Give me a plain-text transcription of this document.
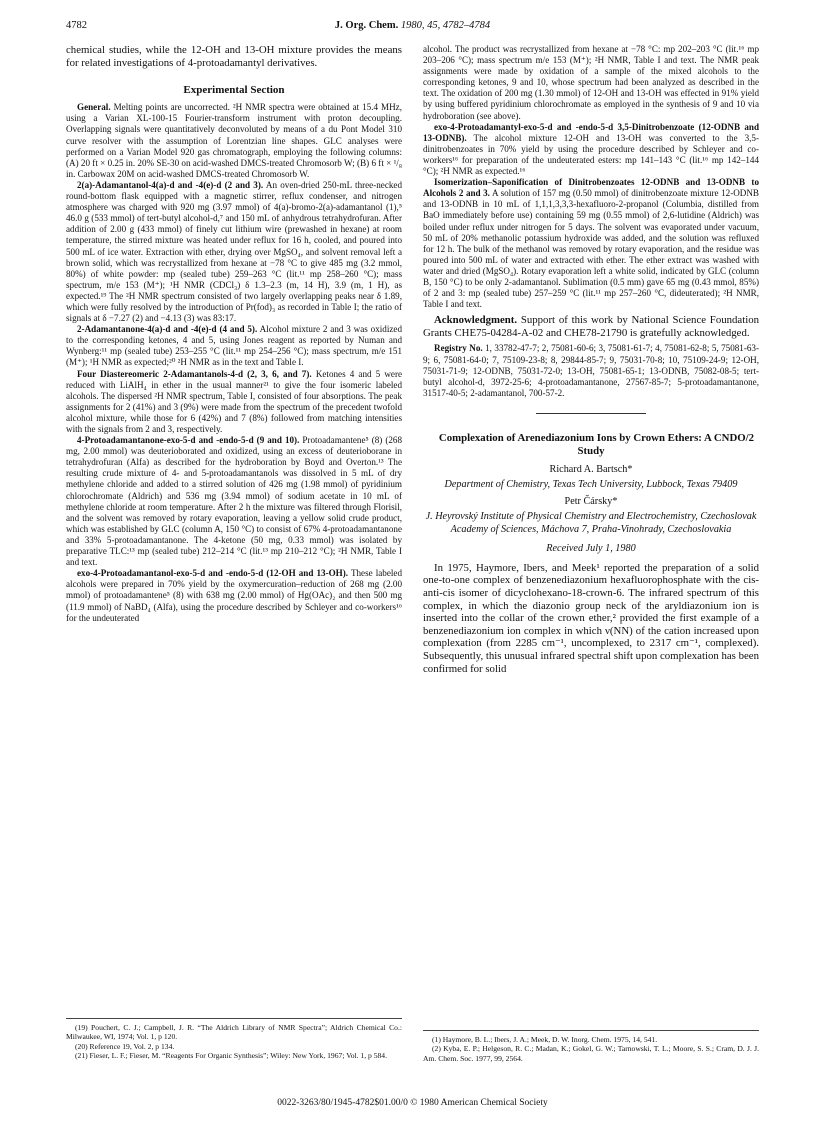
4782	J. Org. Chem. 1980, 45, 4782–4784

chemical studies, while the 12-OH and 13-OH mixture provides the means for related investigations of 4-protoadamantyl derivatives.

Experimental Section

General. Melting points are uncorrected. ²H NMR spectra were obtained at 15.4 MHz, using a Varian XL-100-15 Fourier-transform instrument with proton decoupling. Overlapping signals were quantitatively deconvoluted by means of a du Pont Model 310 curve resolver with the assumption of Lorentzian line shapes. GLC analyses were performed on a Varian Model 920 gas chromatograph, employing the following columns: (A) 20 ft × 0.25 in. 20% SE-30 on acid-washed DMCS-treated Chromosorb W; (B) 6 ft × ¹/₈ in. Carbowax 20M on acid-washed DMCS-treated Chromosorb W.

2(a)-Adamantanol-4(a)-d and -4(e)-d (2 and 3). An oven-dried 250-mL three-necked round-bottom flask equipped with a magnetic stirrer, reflux condenser, and nitrogen atmosphere was charged with 920 mg (3.97 mmol) of 4(a)-bromo-2(a)-adamantanol (1),⁵ 46.0 g (533 mmol) of tert-butyl alcohol-d,⁷ and 150 mL of anhydrous tetrahydrofuran. After addition of 2.00 g (433 mmol) of finely cut lithium wire (prewashed in hexane) at room temperature, the stirred mixture was heated under reflux for 16 h, cooled, and poured into 500 mL of ice water. Extraction with ether, drying over MgSO₄, and solvent removal left a brown solid, which was recrystallized from hexane at −78 °C to give 485 mg (3.2 mmol, 80%) of white powder: mp (sealed tube) 259–263 °C (lit.¹¹ mp 258–260 °C); mass spectrum, m/e 153 (M⁺); ¹H NMR (CDCl₃) δ 1.3–2.3 (m, 14 H), 3.9 (m, 1 H), as expected.¹⁹ The ²H NMR spectrum consisted of two largely overlapping peaks near δ 1.89, which were fully resolved by the introduction of Pr(fod)₃ as recorded in Table I; the ratio of signals at δ −7.27 (2) and −4.13 (3) was 83:17.

2-Adamantanone-4(a)-d and -4(e)-d (4 and 5). Alcohol mixture 2 and 3 was oxidized to the corresponding ketones, 4 and 5, using Jones reagent as reported by Numan and Wynberg:¹¹ mp (sealed tube) 253–255 °C (lit.¹¹ mp 254–256 °C); mass spectrum, m/e 151 (M⁺); ¹H NMR as expected;²⁰ ²H NMR as in the text and Table I.

Four Diastereomeric 2-Adamantanols-4-d (2, 3, 6, and 7). Ketones 4 and 5 were reduced with LiAlH₄ in ether in the usual manner²¹ to give the four isomeric labeled alcohols. The dispersed ²H NMR spectrum, Table I, consisted of four absorptions. The peak assignments for 2 (41%) and 3 (9%) were made from the spectrum of the precedent twofold alcohol mixture, while those for 6 (42%) and 7 (8%) followed from matching intensities with the signals from 2 and 3, respectively.

4-Protoadamantanone-exo-5-d and -endo-5-d (9 and 10). Protoadamantene⁵ (8) (268 mg, 2.00 mmol) was deuterioborated and oxidized, using an excess of deuterioborane in tetrahydrofuran (Alfa) as described for the hydroboration by Boyd and Overton.¹³ The resulting crude mixture of 4- and 5-protoadamantanols was dissolved in 5 mL of dry methylene chloride and added to a stirred solution of 426 mg (1.98 mmol) of pyridinium chlorochromate (Aldrich) and 536 mg (3.94 mmol) of sodium acetate in 10 mL of methylene chloride at room temperature. After 2 h the mixture was filtered through Florisil, and the solvent was removed by rotary evaporation, leaving a yellow solid crude product, which was established by GLC (column A, 150 °C) to consist of 67% 4-protoadamantanone and 33% 5-protoadamantanone. The 4-ketone (50 mg, 0.33 mmol) was isolated by preparative TLC:¹³ mp (sealed tube) 212–214 °C (lit.¹³ mp 210–212 °C); ²H NMR, Table I and text.

exo-4-Protoadamantanol-exo-5-d and -endo-5-d (12-OH and 13-OH). These labeled alcohols were prepared in 70% yield by the oxymercuration–reduction of 268 mg (2.00 mmol) of protoadamantene⁵ (8) with 638 mg (2.00 mmol) of Hg(OAc)₂ and then 500 mg (11.9 mmol) of NaBD₄ (Alfa), using the procedure described by Schleyer and co-workers¹⁶ for the undeuterated

(19) Pouchert, C. J.; Campbell, J. R. “The Aldrich Library of NMR Spectra”; Aldrich Chemical Co.: Milwaukee, WI, 1974; Vol. 1, p 120.

(20) Reference 19, Vol. 2, p 134.

(21) Fieser, L. F.; Fieser, M. “Reagents For Organic Synthesis”; Wiley: New York, 1967; Vol. 1, p 584.

alcohol. The product was recrystallized from hexane at −78 °C: mp 202–203 °C (lit.¹⁶ mp 203–206 °C); mass spectrum m/e 153 (M⁺); ²H NMR, Table I and text. The NMR peak assignments were made by oxidation of a sample of the mixed alcohols to the corresponding ketones, 9 and 10, whose spectrum had been analyzed as described in the text. The oxidation of 200 mg (1.30 mmol) of 12-OH and 13-OH was effected in 91% yield by using buffered pyridinium chlorochromate as employed in the synthesis of 9 and 10 via hydroboration (see above).

exo-4-Protoadamantyl-exo-5-d and -endo-5-d 3,5-Dinitrobenzoate (12-ODNB and 13-ODNB). The alcohol mixture 12-OH and 13-OH was converted to the 3,5-dinitrobenzoates in 70% yield by using the procedure described by Schleyer and co-workers¹⁶ for preparation of the undeuterated esters: mp 141–143 °C (lit.¹⁶ mp 142–144 °C); ²H NMR as expected.¹⁶

Isomerization–Saponification of Dinitrobenzoates 12-ODNB and 13-ODNB to Alcohols 2 and 3. A solution of 157 mg (0.50 mmol) of dinitrobenzoate mixture 12-ODNB and 13-ODNB in 10 mL of 1,1,1,3,3,3-hexafluoro-2-propanol (Columbia, distilled from BaO immediately before use) containing 59 mg (0.55 mmol) of 2,6-lutidine (Aldrich) was boiled under reflux under nitrogen for 5 days. The solvent was evaporated under vacuum, 50 mL of 20% methanolic potassium hydroxide was added, and the solution was refluxed for 12 h. The bulk of the methanol was removed by rotary evaporation, and the residue was poured into 500 mL of water and extracted with ether. The ether extract was washed with water and dried (MgSO₄). Rotary evaporation left a white solid, indicated by GLC (column B, 150 °C) to be only 2-adamantanol. Sublimation (0.5 mm) gave 65 mg (0.43 mmol, 85%) of 2 and 3: mp (sealed tube) 257–259 °C (lit.¹¹ mp 257–260 °C, dideuterated); ²H NMR, Table I and text.

Acknowledgment. Support of this work by National Science Foundation Grants CHE75-04284-A-02 and CHE78-21790 is gratefully acknowledged.

Registry No. 1, 33782-47-7; 2, 75081-60-6; 3, 75081-61-7; 4, 75081-62-8; 5, 75081-63-9; 6, 75081-64-0; 7, 75109-23-8; 8, 29844-85-7; 9, 75031-70-8; 10, 75109-24-9; 12-OH, 75031-71-9; 12-ODNB, 75031-72-0; 13-OH, 75081-65-1; 13-ODNB, 75082-08-5; tert-butyl alcohol-d, 3972-25-6; 4-protoadamantanone, 27567-85-7; 5-protoadamantanone, 31517-40-5; 2-adamantanol, 700-57-2.

Complexation of Arenediazonium Ions by Crown Ethers: A CNDO/2 Study

Richard A. Bartsch*
Department of Chemistry, Texas Tech University, Lubbock, Texas 79409
Petr Čársky*
J. Heyrovský Institute of Physical Chemistry and Electrochemistry, Czechoslovak Academy of Sciences, Máchova 7, Praha-Vinohrady, Czechoslovakia
Received July 1, 1980

In 1975, Haymore, Ibers, and Meek¹ reported the preparation of a solid one-to-one complex of benzenediazonium hexafluorophosphate with the cis-anti-cis isomer of dicyclohexano-18-crown-6. The infrared spectrum of this complex, in which the diazonio group neck of the aryldiazonium ion is inserted into the collar of the crown ether,² provided the first example of a benzenediazonium ion complex in which ν(NN) of the cation increased upon complexation (from 2285 cm⁻¹, uncomplexed, to 2317 cm⁻¹, complexed). Subsequently, this unusual infrared spectral shift upon complexation has been confirmed for solid

(1) Haymore, B. L.; Ibers, J. A.; Meek, D. W. Inorg. Chem. 1975, 14, 541.

(2) Kyba, E. P.; Helgeson, R. C.; Madan, K.; Gokel, G. W.; Tarnowski, T. L.; Moore, S. S.; Cram, D. J. J. Am. Chem. Soc. 1977, 99, 2564.

0022-3263/80/1945-4782$01.00/0 © 1980 American Chemical Society
